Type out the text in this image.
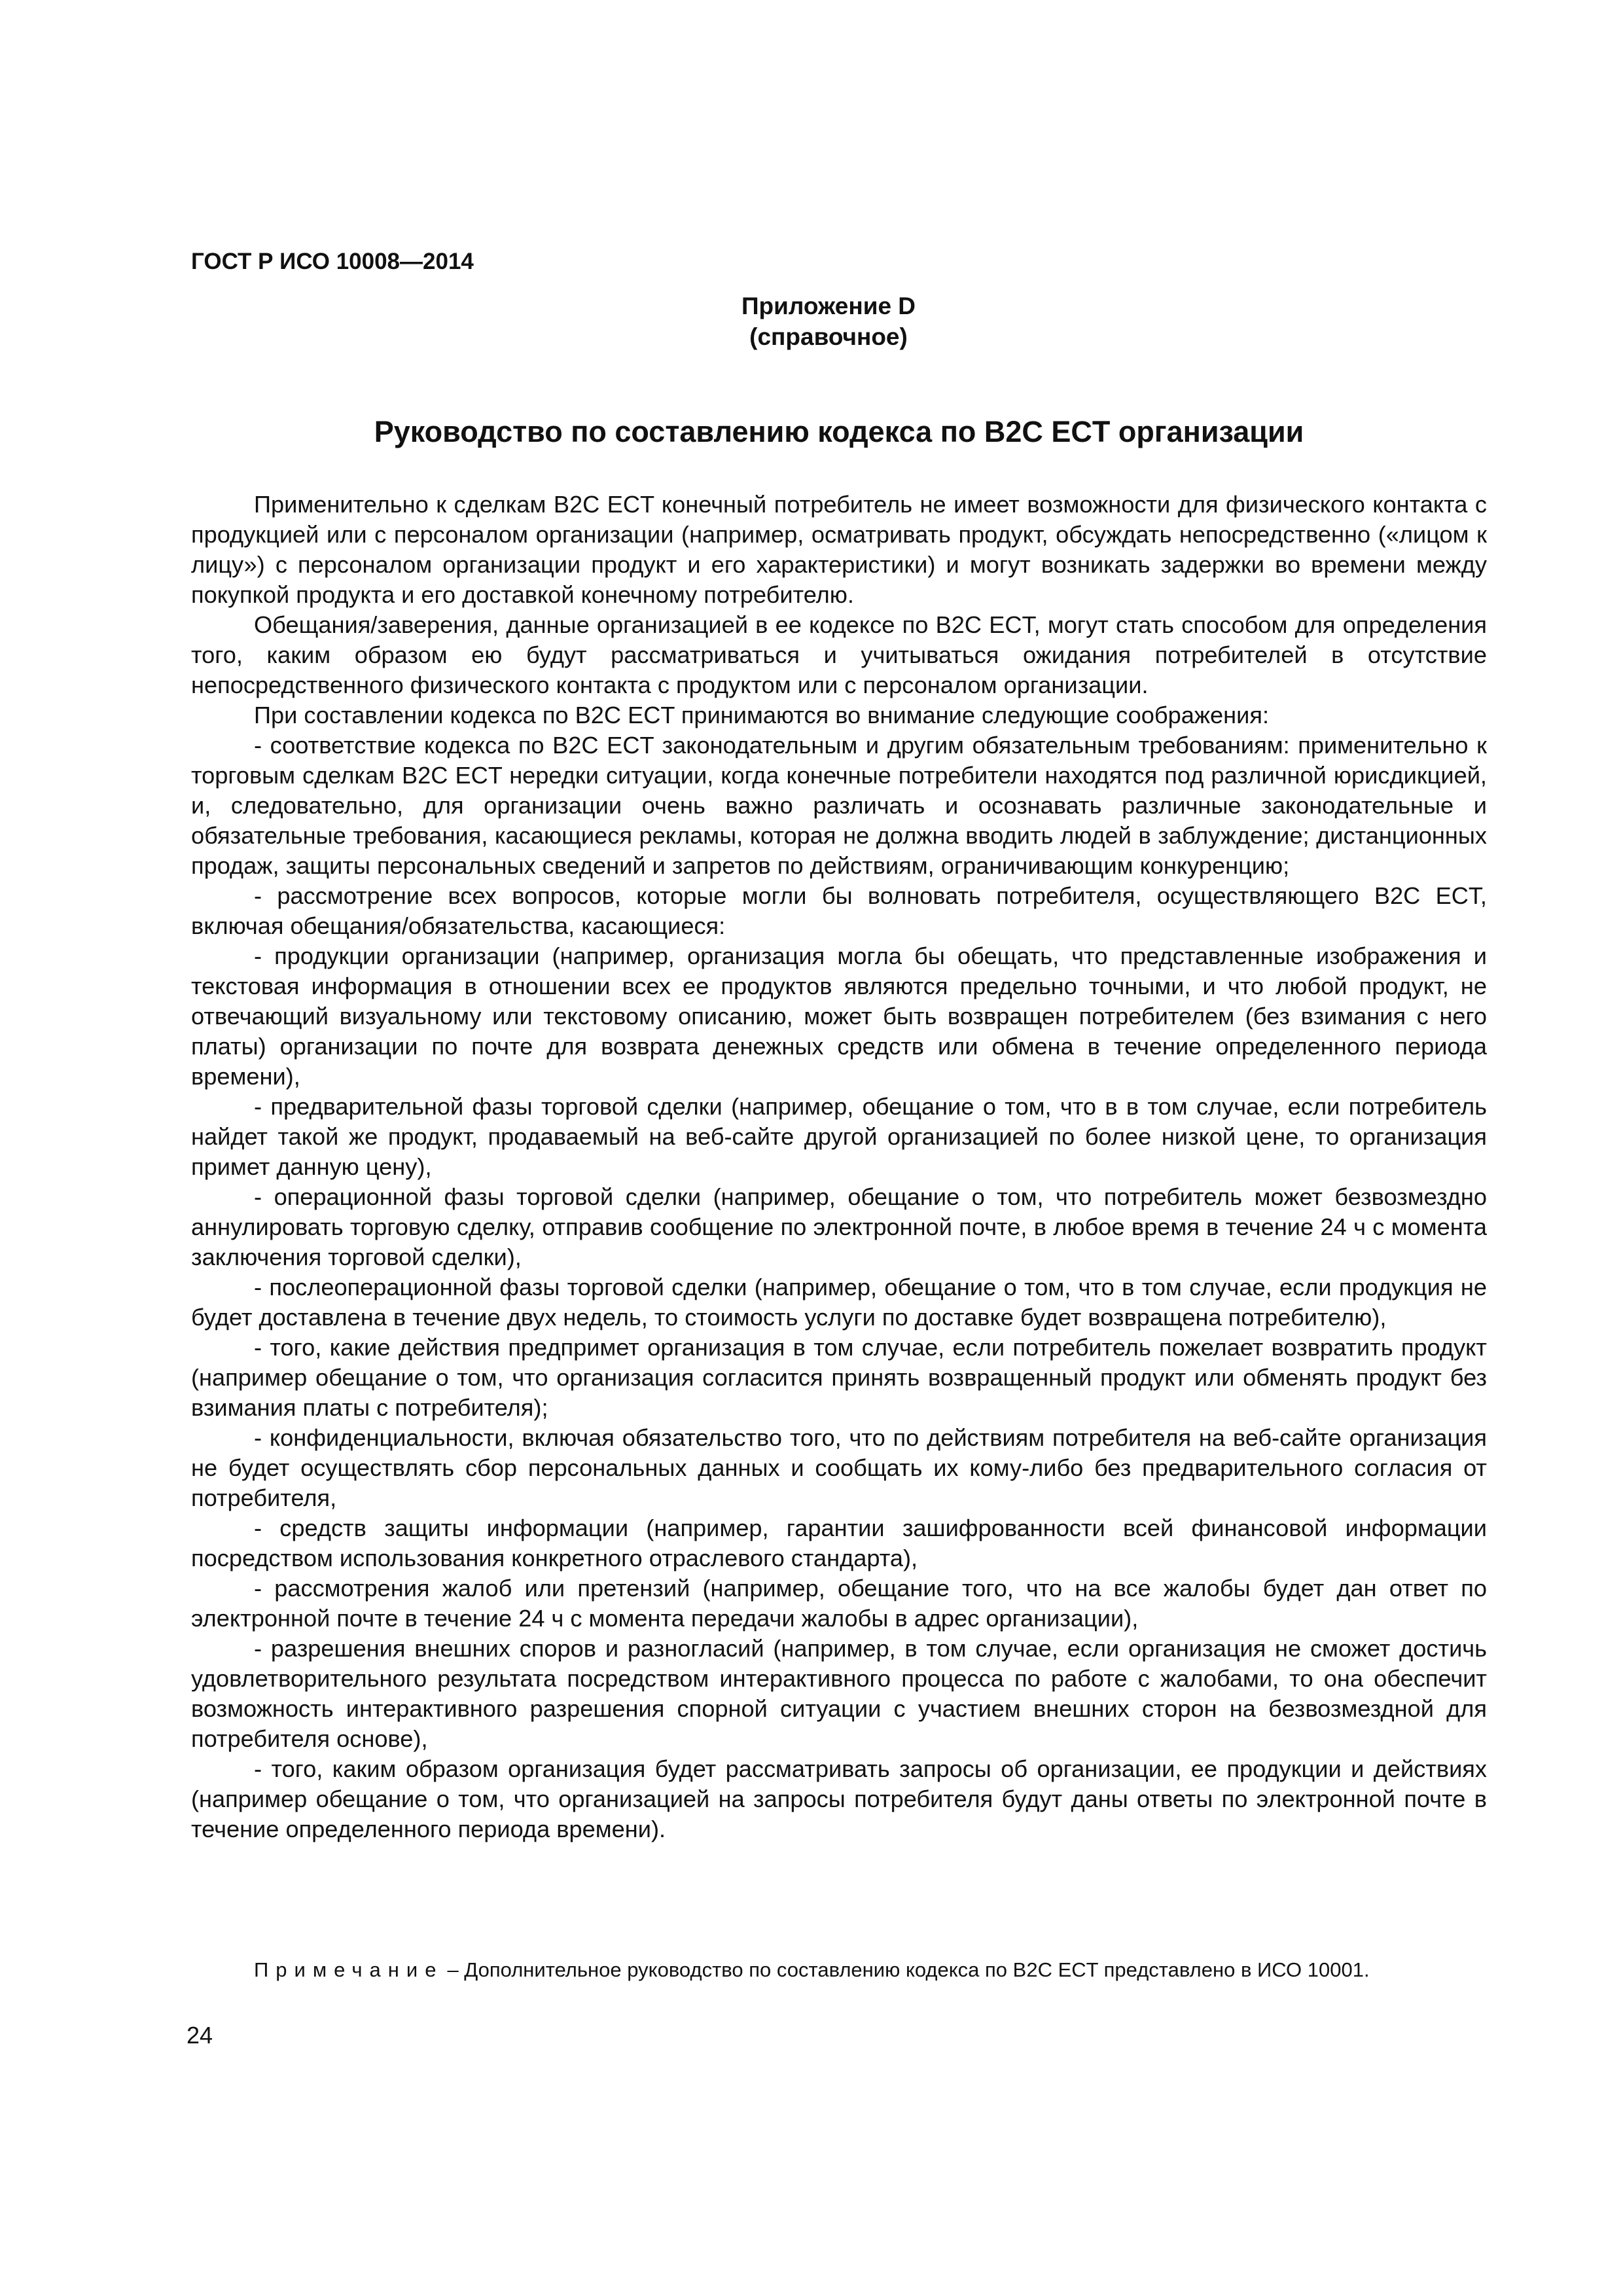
ГОСТ Р ИСО 10008—2014
Приложение D
(справочное)
Руководство по составлению кодекса по B2C ECT организации

Применительно к сделкам B2C ECT конечный потребитель не имеет возможности для физического контакта с продукцией или с персоналом организации (например, осматривать продукт, обсуждать непосредственно («лицом к лицу») с персоналом организации продукт и его характеристики) и могут возникать задержки во времени между покупкой продукта и его доставкой конечному потребителю.

Обещания/заверения, данные организацией в ее кодексе по B2C ECT, могут стать способом для определения того, каким образом ею будут рассматриваться и учитываться ожидания потребителей в отсутствие непосредственного физического контакта с продуктом или с персоналом организации.

При составлении кодекса по B2C ECT принимаются во внимание следующие соображения:

- соответствие кодекса по B2C ECT законодательным и другим обязательным требованиям: применительно к торговым сделкам B2C ECT нередки ситуации, когда конечные потребители находятся под различной юрисдикцией, и, следовательно, для организации очень важно различать и осознавать различные законодательные и обязательные требования, касающиеся рекламы, которая не должна вводить людей в заблуждение; дистанционных продаж, защиты персональных сведений и запретов по действиям, ограничивающим конкуренцию;

- рассмотрение всех вопросов, которые могли бы волновать потребителя, осуществляющего B2C ECT, включая обещания/обязательства, касающиеся:

- продукции организации (например, организация могла бы обещать, что представленные изображения и текстовая информация в отношении всех ее продуктов являются предельно точными, и что любой продукт, не отвечающий визуальному или текстовому описанию, может быть возвращен потребителем (без взимания с него платы) организации по почте для возврата денежных средств или обмена в течение определенного периода времени),

- предварительной фазы торговой сделки (например, обещание о том, что в в том случае, если потребитель найдет такой же продукт, продаваемый на веб-сайте другой организацией по более низкой цене, то организация примет данную цену),

- операционной фазы торговой сделки (например, обещание о том, что потребитель может безвозмездно аннулировать торговую сделку, отправив сообщение по электронной почте, в любое время в течение 24 ч с момента заключения торговой сделки),

- послеоперационной фазы торговой сделки (например, обещание о том, что в том случае, если продукция не будет доставлена в течение двух недель, то стоимость услуги по доставке будет возвращена потребителю),

- того, какие действия предпримет организация в том случае, если потребитель пожелает возвратить продукт (например обещание о том, что организация согласится принять возвращенный продукт или обменять продукт без взимания платы с потребителя);

- конфиденциальности, включая обязательство того, что по действиям потребителя на веб-сайте организация не будет осуществлять сбор персональных данных и сообщать их кому-либо без предварительного согласия от потребителя,

- средств защиты информации (например, гарантии зашифрованности всей финансовой информации посредством использования конкретного отраслевого стандарта),

- рассмотрения жалоб или претензий (например, обещание того, что на все жалобы будет дан ответ по электронной почте в течение 24 ч с момента передачи жалобы в адрес организации),

- разрешения внешних споров и разногласий (например, в том случае, если организация не сможет достичь удовлетворительного результата посредством интерактивного процесса по работе с жалобами, то она обеспечит возможность интерактивного разрешения спорной ситуации с участием внешних сторон на безвозмездной для потребителя основе),

- того, каким образом организация будет рассматривать запросы об организации, ее продукции и действиях (например обещание о том, что организацией на запросы потребителя будут даны ответы по электронной почте в течение определенного периода времени).

Примечание – Дополнительное руководство по составлению кодекса по B2C ECT представлено в ИСО 10001.
24
